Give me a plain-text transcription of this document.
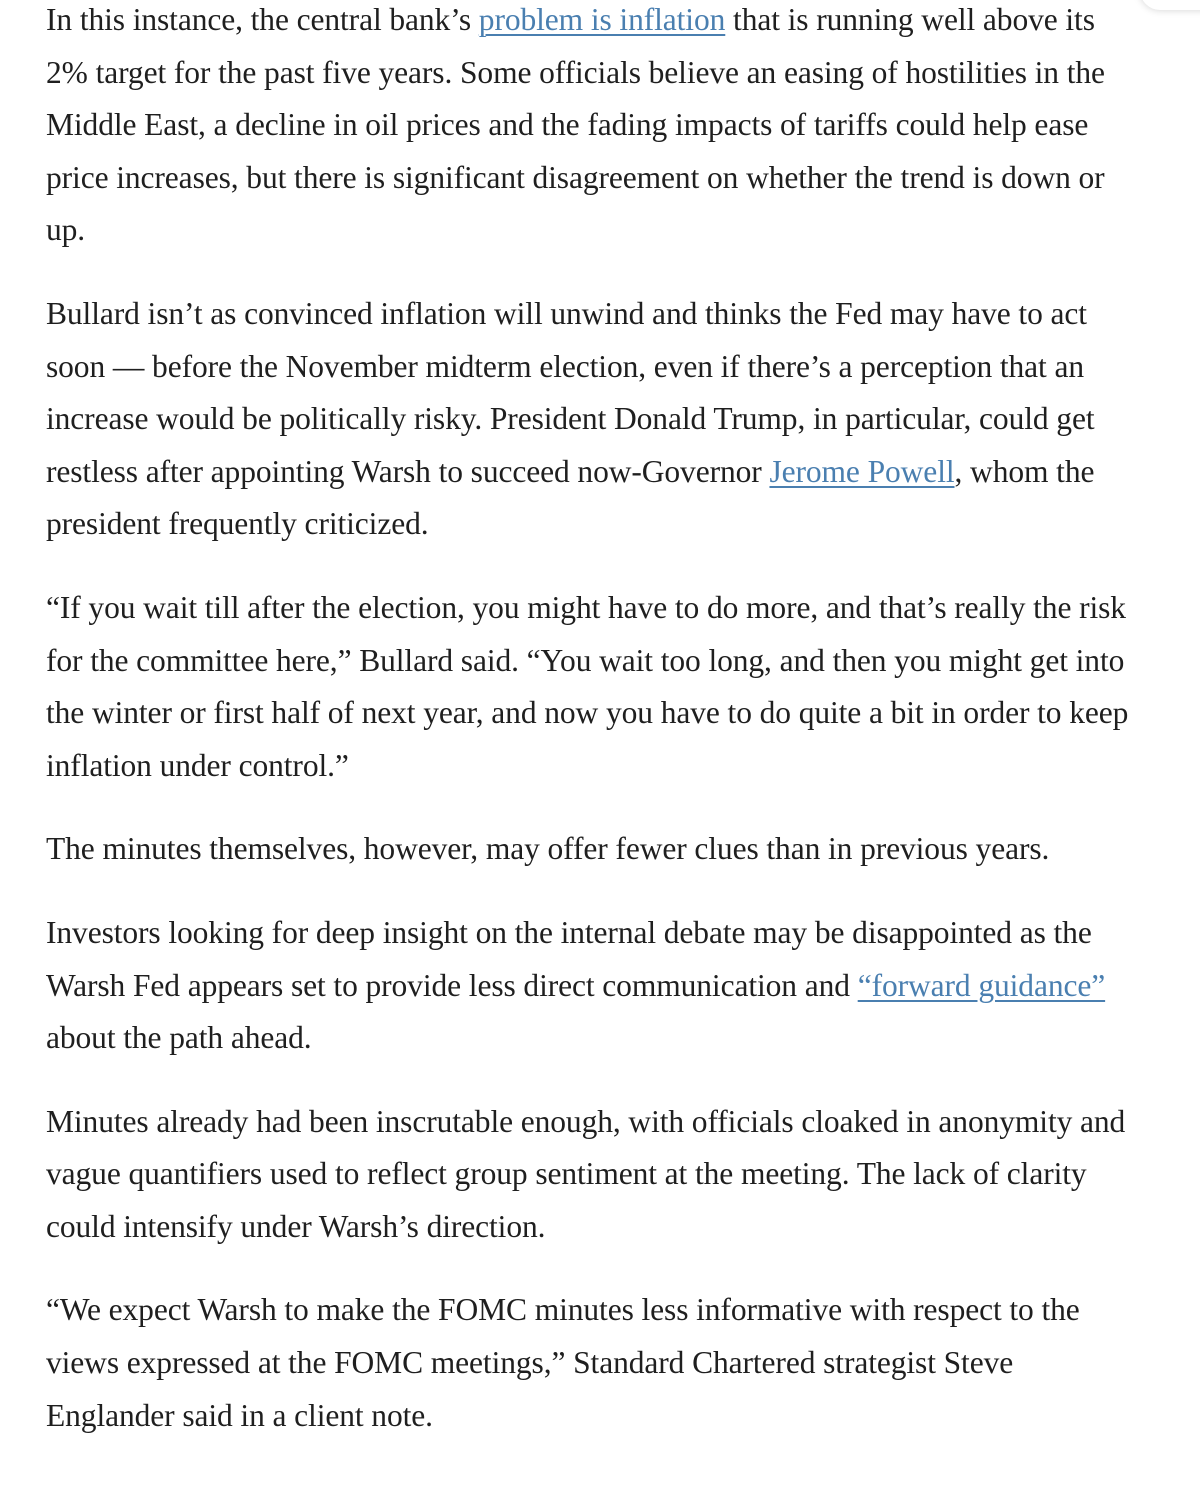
In this instance, the central bank’s problem is inflation that is running well above its 2% target for the past five years. Some officials believe an easing of hostilities in the Middle East, a decline in oil prices and the fading impacts of tariffs could help ease price increases, but there is significant disagreement on whether the trend is down or up.

Bullard isn’t as convinced inflation will unwind and thinks the Fed may have to act soon — before the November midterm election, even if there’s a perception that an increase would be politically risky. President Donald Trump, in particular, could get restless after appointing Warsh to succeed now-Governor Jerome Powell, whom the president frequently criticized.

“If you wait till after the election, you might have to do more, and that’s really the risk for the committee here,” Bullard said. “You wait too long, and then you might get into the winter or first half of next year, and now you have to do quite a bit in order to keep inflation under control.”

The minutes themselves, however, may offer fewer clues than in previous years.

Investors looking for deep insight on the internal debate may be disappointed as the Warsh Fed appears set to provide less direct communication and “forward guidance” about the path ahead.

Minutes already had been inscrutable enough, with officials cloaked in anonymity and vague quantifiers used to reflect group sentiment at the meeting. The lack of clarity could intensify under Warsh’s direction.

“We expect Warsh to make the FOMC minutes less informative with respect to the views expressed at the FOMC meetings,” Standard Chartered strategist Steve Englander said in a client note.
